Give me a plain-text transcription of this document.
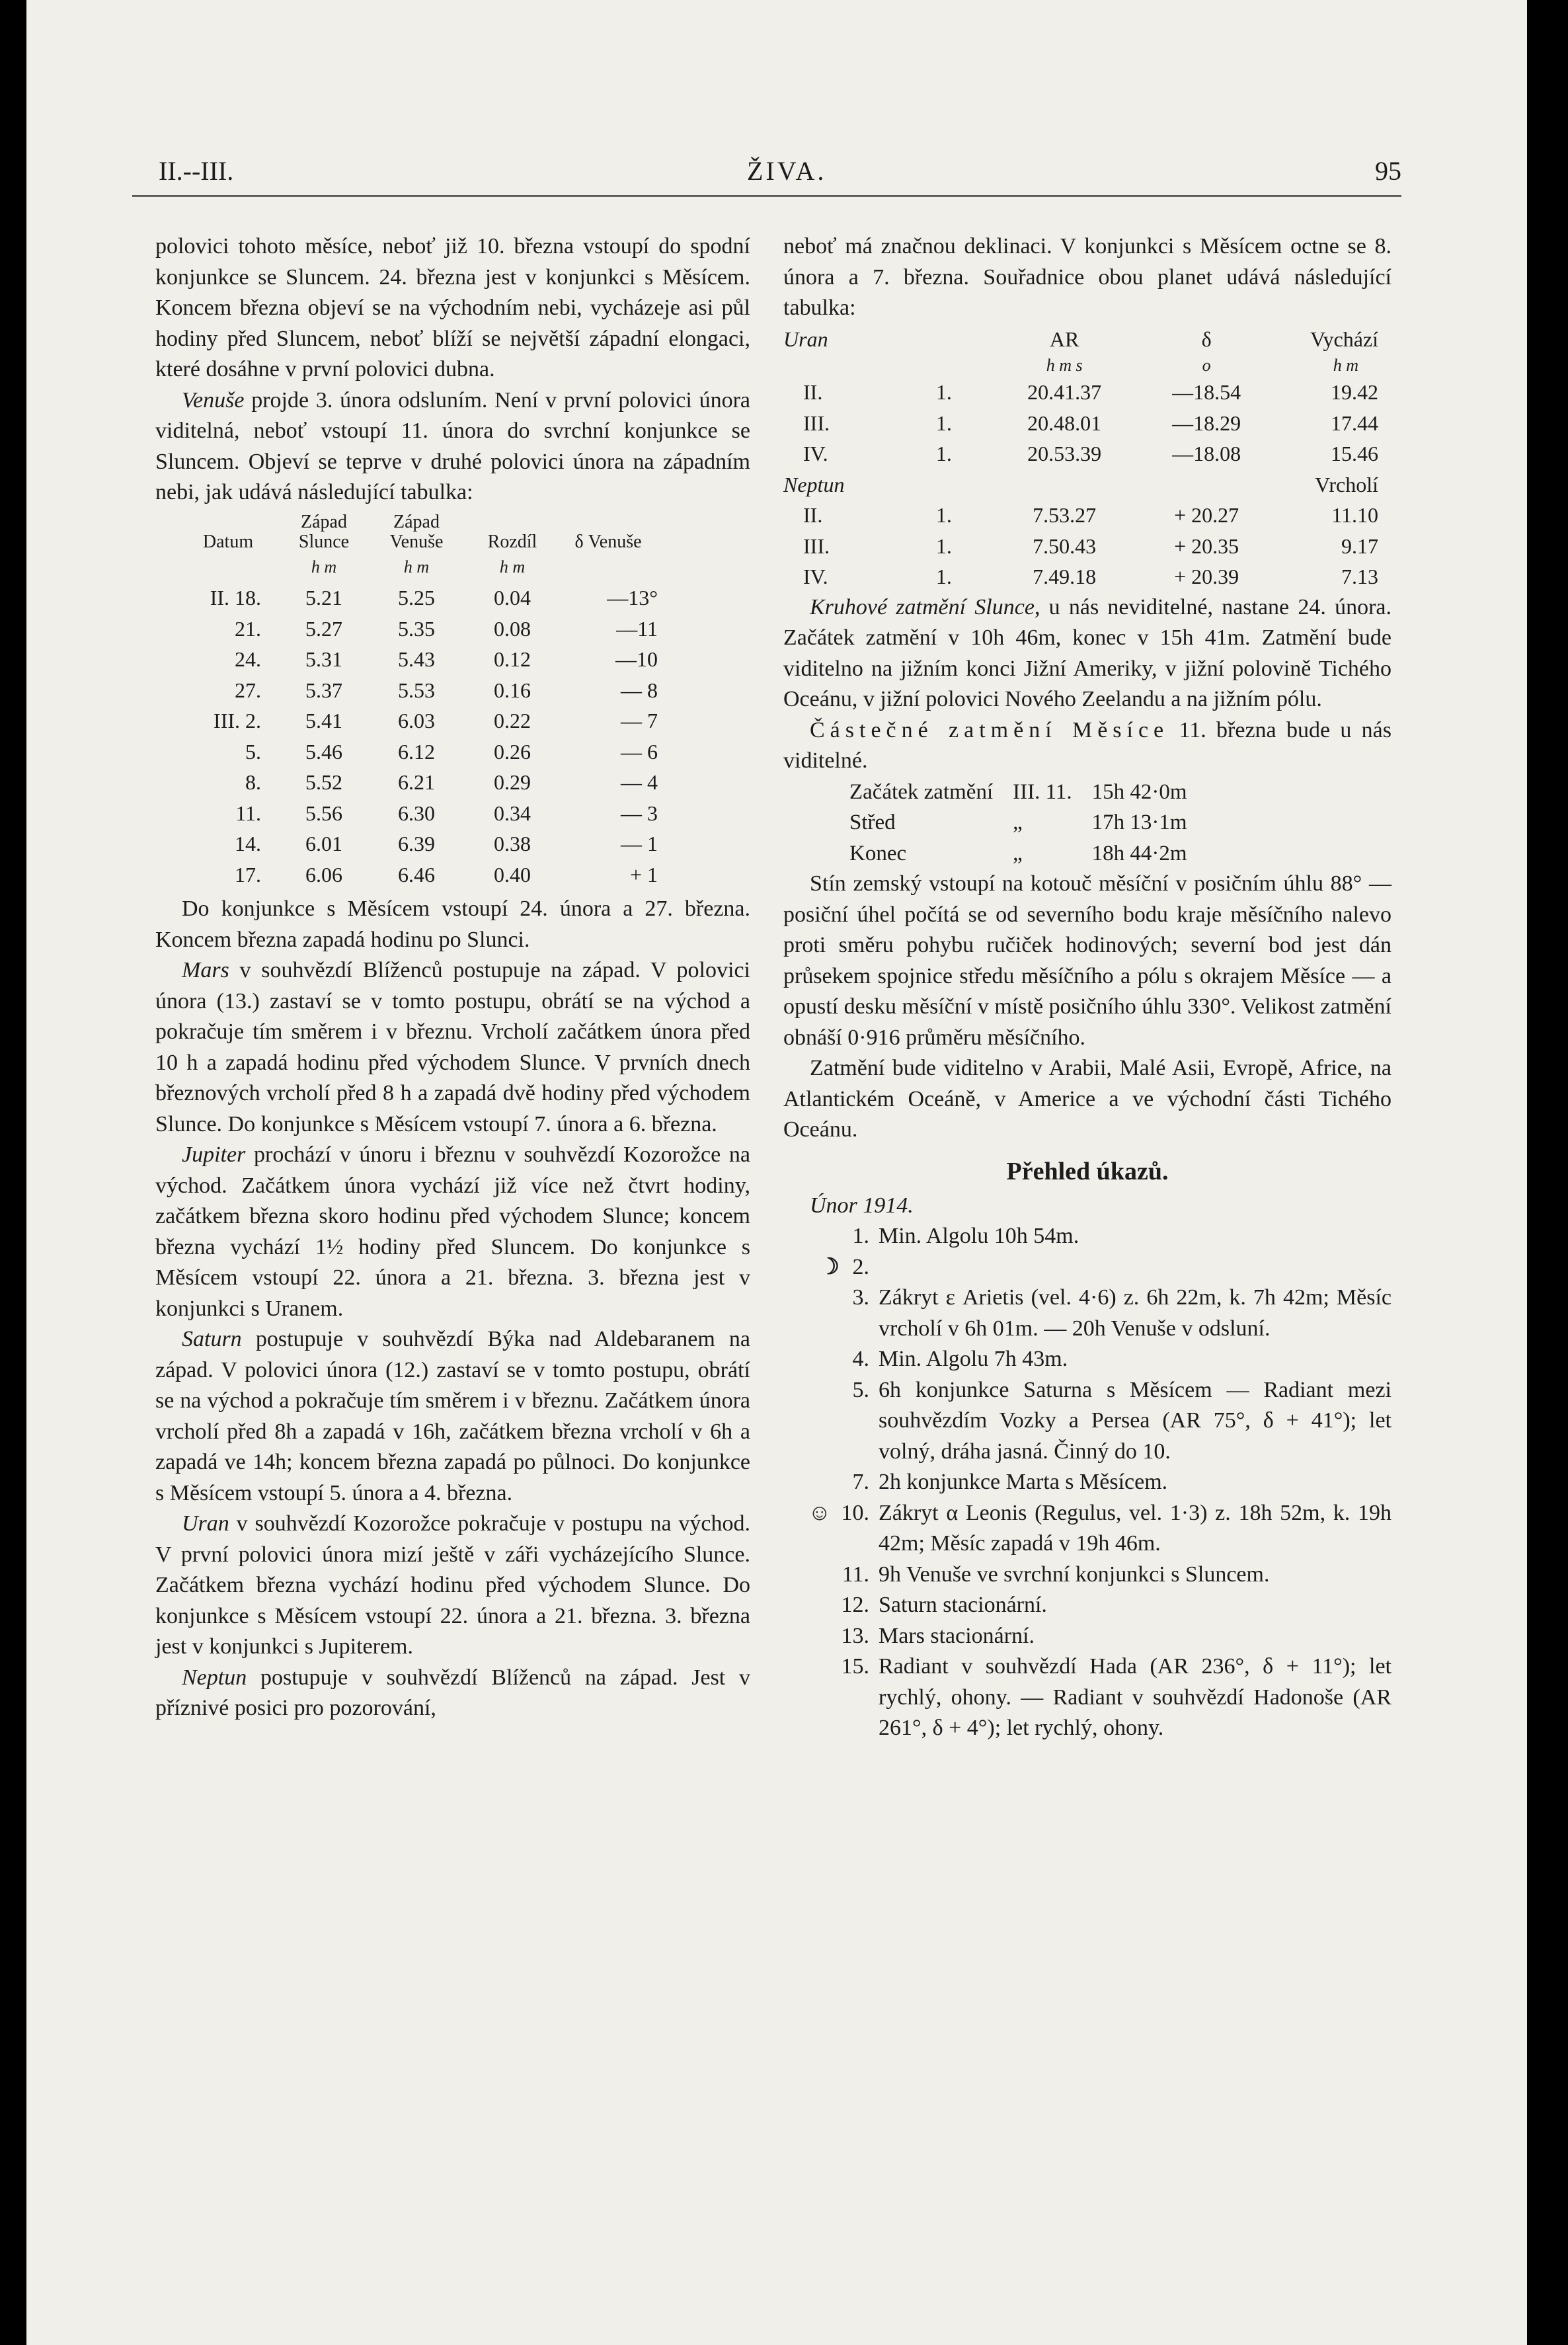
II.--III.	ŽIVA.	95

polovici tohoto měsíce, neboť již 10. března vstoupí do spodní konjunkce se Sluncem. 24. března jest v konjunkci s Měsícem. Koncem března objeví se na východním nebi, vycházeje asi půl hodiny před Sluncem, neboť blíží se největší západní elongaci, které dosáhne v první polovici dubna.

Venuše projde 3. února odsluním. Není v první polovici února viditelná, neboť vstoupí 11. února do svrchní konjunkce se Sluncem. Objeví se teprve v druhé polovici února na západním nebi, jak udává následující tabulka:

Datum	Západ Slunce	Západ Venuše	Rozdíl	δ Venuše
	h m	h m	h m	
II. 18.	5.21	5.25	0.04	—13°
21.	5.27	5.35	0.08	—11
24.	5.31	5.43	0.12	—10
27.	5.37	5.53	0.16	— 8
III. 2.	5.41	6.03	0.22	— 7
5.	5.46	6.12	0.26	— 6
8.	5.52	6.21	0.29	— 4
11.	5.56	6.30	0.34	— 3
14.	6.01	6.39	0.38	— 1
17.	6.06	6.46	0.40	+ 1

Do konjunkce s Měsícem vstoupí 24. února a 27. března. Koncem března zapadá hodinu po Slunci.

Mars v souhvězdí Blíženců postupuje na západ. V polovici února (13.) zastaví se v tomto postupu, obrátí se na východ a pokračuje tím směrem i v březnu. Vrcholí začátkem února před 10 h a zapadá hodinu před východem Slunce. V prvních dnech březnových vrcholí před 8 h a zapadá dvě hodiny před východem Slunce. Do konjunkce s Měsícem vstoupí 7. února a 6. března.

Jupiter prochází v únoru i březnu v souhvězdí Kozorožce na východ. Začátkem února vychází již více než čtvrt hodiny, začátkem března skoro hodinu před východem Slunce; koncem března vychází 1½ hodiny před Sluncem. Do konjunkce s Měsícem vstoupí 22. února a 21. března. 3. března jest v konjunkci s Uranem.

Saturn postupuje v souhvězdí Býka nad Aldebaranem na západ. V polovici února (12.) zastaví se v tomto postupu, obrátí se na východ a pokračuje tím směrem i v březnu. Začátkem února vrcholí před 8h a zapadá v 16h, začátkem března vrcholí v 6h a zapadá ve 14h; koncem března zapadá po půlnoci. Do konjunkce s Měsícem vstoupí 5. února a 4. března.

Uran v souhvězdí Kozorožce pokračuje v postupu na východ. V první polovici února mizí ještě v záři vycházejícího Slunce. Začátkem března vychází hodinu před východem Slunce. Do konjunkce s Měsícem vstoupí 22. února a 21. března. 3. března jest v konjunkci s Jupiterem.

Neptun postupuje v souhvězdí Blíženců na západ. Jest v příznivé posici pro pozorování,

neboť má značnou deklinaci. V konjunkci s Měsícem octne se 8. února a 7. března. Souřadnice obou planet udává následující tabulka:

Uran		AR	δ	Vychází
		h m s	o	h m
II.	1.	20.41.37	—18.54	19.42
III.	1.	20.48.01	—18.29	17.44
IV.	1.	20.53.39	—18.08	15.46
Neptun				Vrcholí
II.	1.	7.53.27	+ 20.27	11.10
III.	1.	7.50.43	+ 20.35	9.17
IV.	1.	7.49.18	+ 20.39	7.13

Kruhové zatmění Slunce, u nás neviditelné, nastane 24. února. Začátek zatmění v 10h 46m, konec v 15h 41m. Zatmění bude viditelno na jižním konci Jižní Ameriky, v jižní polovině Tichého Oceánu, v jižní polovici Nového Zeelandu a na jižním pólu.

Částečné zatmění Měsíce 11. března bude u nás viditelné.

Začátek zatmění	III. 11.	15h 42·0m
Střed	„	17h 13·1m
Konec	„	18h 44·2m

Stín zemský vstoupí na kotouč měsíční v posičním úhlu 88° — posiční úhel počítá se od severního bodu kraje měsíčního nalevo proti směru pohybu ručiček hodinových; severní bod jest dán průsekem spojnice středu měsíčního a pólu s okrajem Měsíce — a opustí desku měsíční v místě posičního úhlu 330°. Velikost zatmění obnáší 0·916 průměru měsíčního.

Zatmění bude viditelno v Arabii, Malé Asii, Evropě, Africe, na Atlantickém Oceáně, v Americe a ve východní části Tichého Oceánu.

Přehled úkazů.
Únor 1914.
1. Min. Algolu 10h 54m.
☽ 2.
3. Zákryt ε Arietis (vel. 4·6) z. 6h 22m, k. 7h 42m; Měsíc vrcholí v 6h 01m. — 20h Venuše v odsluní.
4. Min. Algolu 7h 43m.
5. 6h konjunkce Saturna s Měsícem — Radiant mezi souhvězdím Vozky a Persea (AR 75°, δ + 41°); let volný, dráha jasná. Činný do 10.
7. 2h konjunkce Marta s Měsícem.
☺ 10. Zákryt α Leonis (Regulus, vel. 1·3) z. 18h 52m, k. 19h 42m; Měsíc zapadá v 19h 46m.
11. 9h Venuše ve svrchní konjunkci s Sluncem.
12. Saturn stacionární.
13. Mars stacionární.
15. Radiant v souhvězdí Hada (AR 236°, δ + 11°); let rychlý, ohony. — Radiant v souhvězdí Hadonoše (AR 261°, δ + 4°); let rychlý, ohony.
